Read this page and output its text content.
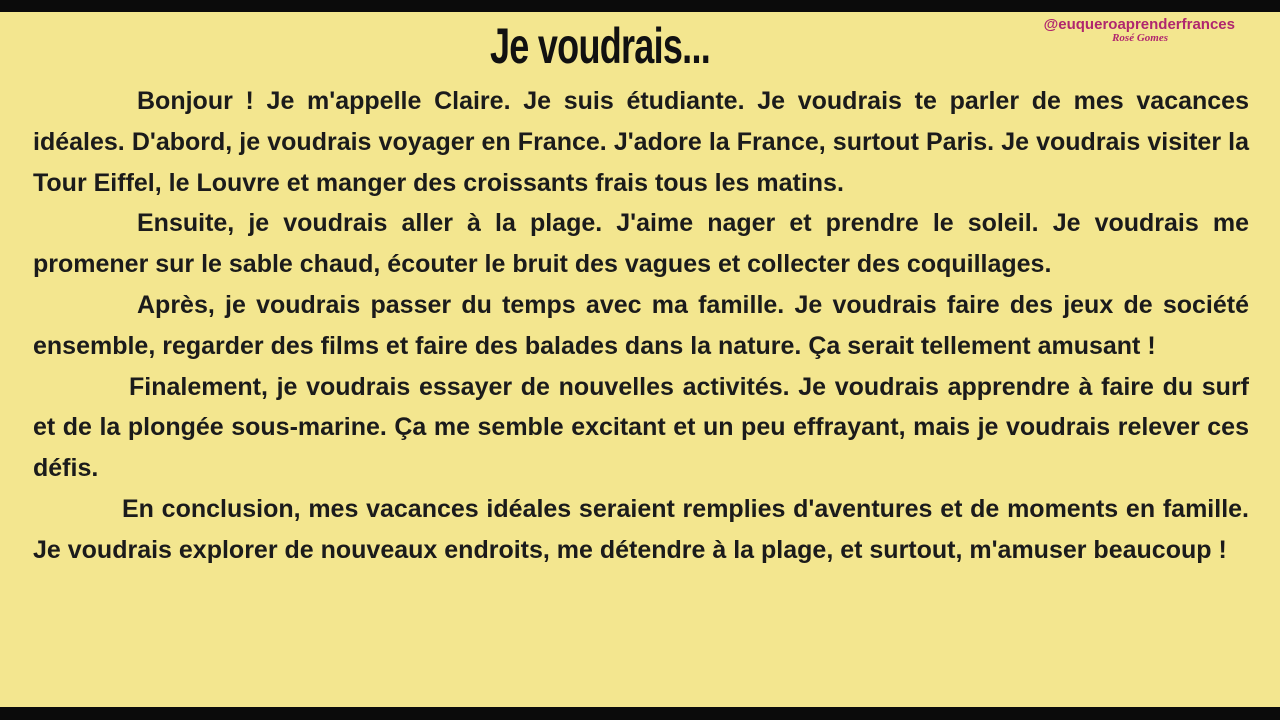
Je voudrais...	@euqueroaprenderfrances
Rosé Gomes

Bonjour ! Je m'appelle Claire. Je suis étudiante. Je voudrais te parler de mes vacances idéales. D'abord, je voudrais voyager en France. J'adore la France, surtout Paris. Je voudrais visiter la Tour Eiffel, le Louvre et manger des croissants frais tous les matins.

Ensuite, je voudrais aller à la plage. J'aime nager et prendre le soleil. Je voudrais me promener sur le sable chaud, écouter le bruit des vagues et collecter des coquillages.

Après, je voudrais passer du temps avec ma famille. Je voudrais faire des jeux de société ensemble, regarder des films et faire des balades dans la nature. Ça serait tellement amusant !

Finalement, je voudrais essayer de nouvelles activités. Je voudrais apprendre à faire du surf et de la plongée sous-marine. Ça me semble excitant et un peu effrayant, mais je voudrais relever ces défis.

En conclusion, mes vacances idéales seraient remplies d'aventures et de moments en famille. Je voudrais explorer de nouveaux endroits, me détendre à la plage, et surtout, m'amuser beaucoup !
